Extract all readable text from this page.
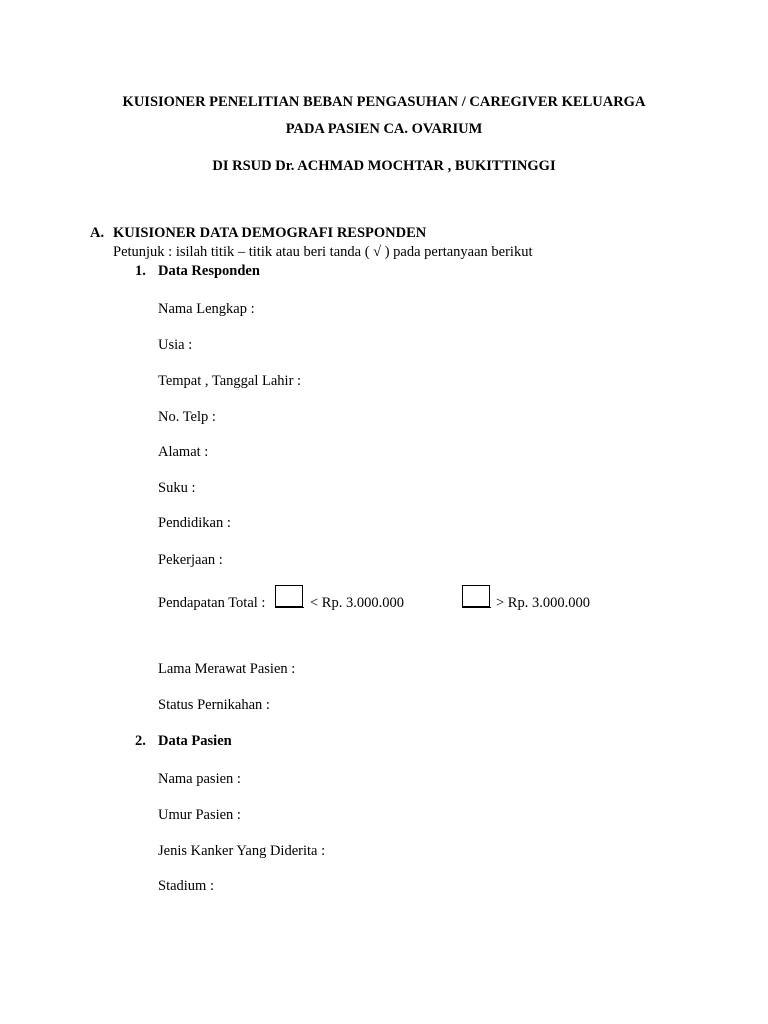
KUISIONER PENELITIAN BEBAN PENGASUHAN / CAREGIVER KELUARGA
PADA PASIEN CA. OVARIUM
DI RSUD Dr. ACHMAD MOCHTAR , BUKITTINGGI
A. KUISIONER DATA DEMOGRAFI RESPONDEN
Petunjuk : isilah titik – titik atau beri tanda ( √ ) pada pertanyaan berikut
1. Data Responden
Nama Lengkap :
Usia :
Tempat , Tanggal Lahir :
No. Telp :
Alamat :
Suku :
Pendidikan :
Pekerjaan :
Pendapatan Total :	< Rp. 3.000.000	> Rp. 3.000.000
Lama Merawat Pasien :
Status Pernikahan :
2. Data Pasien
Nama pasien :
Umur Pasien :
Jenis Kanker Yang Diderita :
Stadium :
